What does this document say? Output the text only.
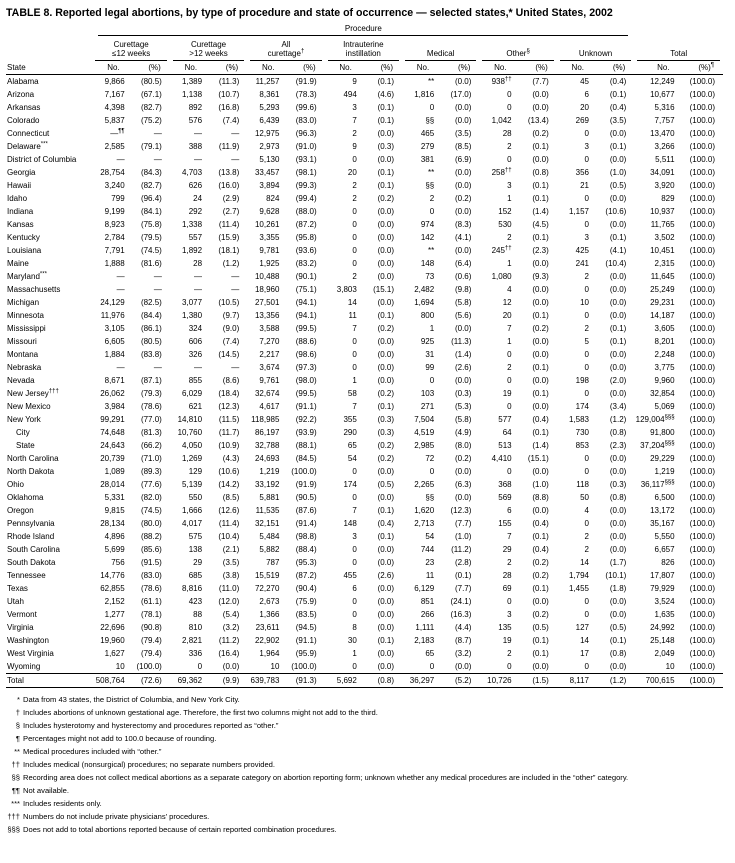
TABLE 8. Reported legal abortions, by type of procedure and state of occurrence — selected states,* United States, 2002
State	Procedure															

	Curettage
≤12 weeks		Curettage
>12 weeks		All
curettage†		Intrauterine
instillation		Medical		Other§		Unknown		Total	

	No.	(%)	No.	(%)	No.	(%)	No.	(%)	No.	(%)	No.	(%)	No.	(%)	No.	(%)¶
Alabama	9,866	(80.5)	1,389	(11.3)	11,257	(91.9)	9	(0.1)	**	(0.0)	938††	(7.7)	45	(0.4)	12,249	(100.0)
Arizona	7,167	(67.1)	1,138	(10.7)	8,361	(78.3)	494	(4.6)	1,816	(17.0)	0	(0.0)	6	(0.1)	10,677	(100.0)
Arkansas	4,398	(82.7)	892	(16.8)	5,293	(99.6)	3	(0.1)	0	(0.0)	0	(0.0)	20	(0.4)	5,316	(100.0)
Colorado	5,837	(75.2)	576	(7.4)	6,439	(83.0)	7	(0.1)	§§	(0.0)	1,042	(13.4)	269	(3.5)	7,757	(100.0)
Connecticut	—¶¶	—	—	—	12,975	(96.3)	2	(0.0)	465	(3.5)	28	(0.2)	0	(0.0)	13,470	(100.0)
Delaware***	2,585	(79.1)	388	(11.9)	2,973	(91.0)	9	(0.3)	279	(8.5)	2	(0.1)	3	(0.1)	3,266	(100.0)
District of Columbia	—	—	—	—	5,130	(93.1)	0	(0.0)	381	(6.9)	0	(0.0)	0	(0.0)	5,511	(100.0)
Georgia	28,754	(84.3)	4,703	(13.8)	33,457	(98.1)	20	(0.1)	**	(0.0)	258††	(0.8)	356	(1.0)	34,091	(100.0)
Hawaii	3,240	(82.7)	626	(16.0)	3,894	(99.3)	2	(0.1)	§§	(0.0)	3	(0.1)	21	(0.5)	3,920	(100.0)
Idaho	799	(96.4)	24	(2.9)	824	(99.4)	2	(0.2)	2	(0.2)	1	(0.1)	0	(0.0)	829	(100.0)
Indiana	9,199	(84.1)	292	(2.7)	9,628	(88.0)	0	(0.0)	0	(0.0)	152	(1.4)	1,157	(10.6)	10,937	(100.0)
Kansas	8,923	(75.8)	1,338	(11.4)	10,261	(87.2)	0	(0.0)	974	(8.3)	530	(4.5)	0	(0.0)	11,765	(100.0)
Kentucky	2,784	(79.5)	557	(15.9)	3,355	(95.8)	0	(0.0)	142	(4.1)	2	(0.1)	3	(0.1)	3,502	(100.0)
Louisiana	7,791	(74.5)	1,892	(18.1)	9,781	(93.6)	0	(0.0)	**	(0.0)	245††	(2.3)	425	(4.1)	10,451	(100.0)
Maine	1,888	(81.6)	28	(1.2)	1,925	(83.2)	0	(0.0)	148	(6.4)	1	(0.0)	241	(10.4)	2,315	(100.0)
Maryland***	—	—	—	—	10,488	(90.1)	2	(0.0)	73	(0.6)	1,080	(9.3)	2	(0.0)	11,645	(100.0)
Massachusetts	—	—	—	—	18,960	(75.1)	3,803	(15.1)	2,482	(9.8)	4	(0.0)	0	(0.0)	25,249	(100.0)
Michigan	24,129	(82.5)	3,077	(10.5)	27,501	(94.1)	14	(0.0)	1,694	(5.8)	12	(0.0)	10	(0.0)	29,231	(100.0)
Minnesota	11,976	(84.4)	1,380	(9.7)	13,356	(94.1)	11	(0.1)	800	(5.6)	20	(0.1)	0	(0.0)	14,187	(100.0)
Mississippi	3,105	(86.1)	324	(9.0)	3,588	(99.5)	7	(0.2)	1	(0.0)	7	(0.2)	2	(0.1)	3,605	(100.0)
Missouri	6,605	(80.5)	606	(7.4)	7,270	(88.6)	0	(0.0)	925	(11.3)	1	(0.0)	5	(0.1)	8,201	(100.0)
Montana	1,884	(83.8)	326	(14.5)	2,217	(98.6)	0	(0.0)	31	(1.4)	0	(0.0)	0	(0.0)	2,248	(100.0)
Nebraska	—	—	—	—	3,674	(97.3)	0	(0.0)	99	(2.6)	2	(0.1)	0	(0.0)	3,775	(100.0)
Nevada	8,671	(87.1)	855	(8.6)	9,761	(98.0)	1	(0.0)	0	(0.0)	0	(0.0)	198	(2.0)	9,960	(100.0)
New Jersey†††	26,062	(79.3)	6,029	(18.4)	32,674	(99.5)	58	(0.2)	103	(0.3)	19	(0.1)	0	(0.0)	32,854	(100.0)
New Mexico	3,984	(78.6)	621	(12.3)	4,617	(91.1)	7	(0.1)	271	(5.3)	0	(0.0)	174	(3.4)	5,069	(100.0)
New York	99,291	(77.0)	14,810	(11.5)	118,985	(92.2)	355	(0.3)	7,504	(5.8)	577	(0.4)	1,583	(1.2)	129,004§§§	(100.0)
City	74,648	(81.3)	10,760	(11.7)	86,197	(93.9)	290	(0.3)	4,519	(4.9)	64	(0.1)	730	(0.8)	91,800	(100.0)
State	24,643	(66.2)	4,050	(10.9)	32,788	(88.1)	65	(0.2)	2,985	(8.0)	513	(1.4)	853	(2.3)	37,204§§§	(100.0)
North Carolina	20,739	(71.0)	1,269	(4.3)	24,693	(84.5)	54	(0.2)	72	(0.2)	4,410	(15.1)	0	(0.0)	29,229	(100.0)
North Dakota	1,089	(89.3)	129	(10.6)	1,219	(100.0)	0	(0.0)	0	(0.0)	0	(0.0)	0	(0.0)	1,219	(100.0)
Ohio	28,014	(77.6)	5,139	(14.2)	33,192	(91.9)	174	(0.5)	2,265	(6.3)	368	(1.0)	118	(0.3)	36,117§§§	(100.0)
Oklahoma	5,331	(82.0)	550	(8.5)	5,881	(90.5)	0	(0.0)	§§	(0.0)	569	(8.8)	50	(0.8)	6,500	(100.0)
Oregon	9,815	(74.5)	1,666	(12.6)	11,535	(87.6)	7	(0.1)	1,620	(12.3)	6	(0.0)	4	(0.0)	13,172	(100.0)
Pennsylvania	28,134	(80.0)	4,017	(11.4)	32,151	(91.4)	148	(0.4)	2,713	(7.7)	155	(0.4)	0	(0.0)	35,167	(100.0)
Rhode Island	4,896	(88.2)	575	(10.4)	5,484	(98.8)	3	(0.1)	54	(1.0)	7	(0.1)	2	(0.0)	5,550	(100.0)
South Carolina	5,699	(85.6)	138	(2.1)	5,882	(88.4)	0	(0.0)	744	(11.2)	29	(0.4)	2	(0.0)	6,657	(100.0)
South Dakota	756	(91.5)	29	(3.5)	787	(95.3)	0	(0.0)	23	(2.8)	2	(0.2)	14	(1.7)	826	(100.0)
Tennessee	14,776	(83.0)	685	(3.8)	15,519	(87.2)	455	(2.6)	11	(0.1)	28	(0.2)	1,794	(10.1)	17,807	(100.0)
Texas	62,855	(78.6)	8,816	(11.0)	72,270	(90.4)	6	(0.0)	6,129	(7.7)	69	(0.1)	1,455	(1.8)	79,929	(100.0)
Utah	2,152	(61.1)	423	(12.0)	2,673	(75.9)	0	(0.0)	851	(24.1)	0	(0.0)	0	(0.0)	3,524	(100.0)
Vermont	1,277	(78.1)	88	(5.4)	1,366	(83.5)	0	(0.0)	266	(16.3)	3	(0.2)	0	(0.0)	1,635	(100.0)
Virginia	22,696	(90.8)	810	(3.2)	23,611	(94.5)	8	(0.0)	1,111	(4.4)	135	(0.5)	127	(0.5)	24,992	(100.0)
Washington	19,960	(79.4)	2,821	(11.2)	22,902	(91.1)	30	(0.1)	2,183	(8.7)	19	(0.1)	14	(0.1)	25,148	(100.0)
West Virginia	1,627	(79.4)	336	(16.4)	1,964	(95.9)	1	(0.0)	65	(3.2)	2	(0.1)	17	(0.8)	2,049	(100.0)
Wyoming	10	(100.0)	0	(0.0)	10	(100.0)	0	(0.0)	0	(0.0)	0	(0.0)	0	(0.0)	10	(100.0)
Total	508,764	(72.6)	69,362	(9.9)	639,783	(91.3)	5,692	(0.8)	36,297	(5.2)	10,726	(1.5)	8,117	(1.2)	700,615	(100.0)
* Data from 43 states, the District of Columbia, and New York City.
† Includes abortions of unknown gestational age. Therefore, the first two columns might not add to the third.
§ Includes hysterotomy and hysterectomy and procedures reported as “other.”
¶ Percentages might not add to 100.0 because of rounding.
** Medical procedures included with “other.”
†† Includes medical (nonsurgical) procedures; no separate numbers provided.
§§ Recording area does not collect medical abortions as a separate category on abortion reporting form; unknown whether any medical procedures are included in the “other” category.
¶¶ Not available.
*** Includes residents only.
††† Numbers do not include private physicians’ procedures.
§§§ Does not add to total abortions reported because of certain reported combination procedures.
